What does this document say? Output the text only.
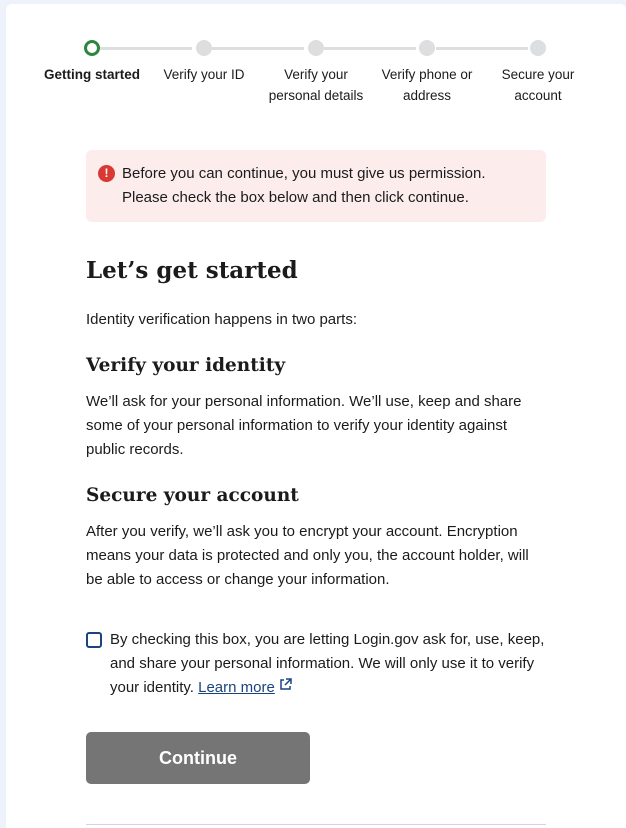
Getting started	Verify your ID	Verify your personal details
Verify phone or address
Secure your account
! Before you can continue, you must give us permission. Please check the box below and then click continue.
Let’s get started

Identity verification happens in two parts:

Verify your identity

We’ll ask for your personal information. We’ll use, keep and share some of your personal information to verify your identity against public records.

Secure your account

After you verify, we’ll ask you to encrypt your account. Encryption means your data is protected and only you, the account holder, will be able to access or change your information.

By checking this box, you are letting Login.gov ask for, use, keep, and share your personal information. We will only use it to verify your identity. Learn more
Continue
